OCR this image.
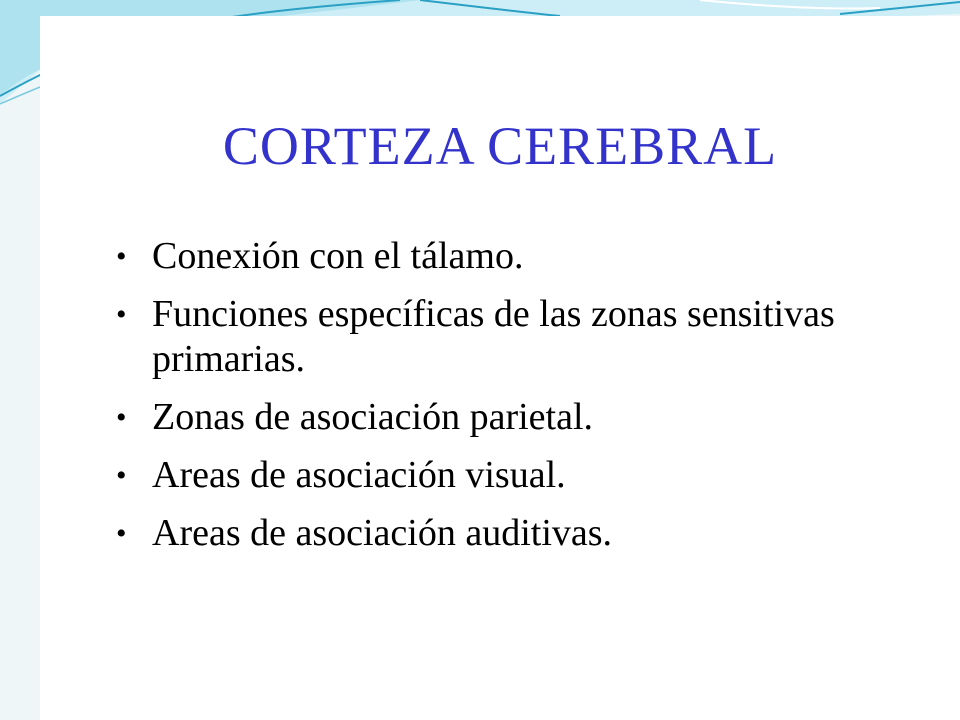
CORTEZA CEREBRAL
• Conexión con el tálamo.
• Funciones específicas de las zonas sensitivas primarias.
• Zonas de asociación parietal.
• Areas de asociación visual.
• Areas de asociación auditivas.
